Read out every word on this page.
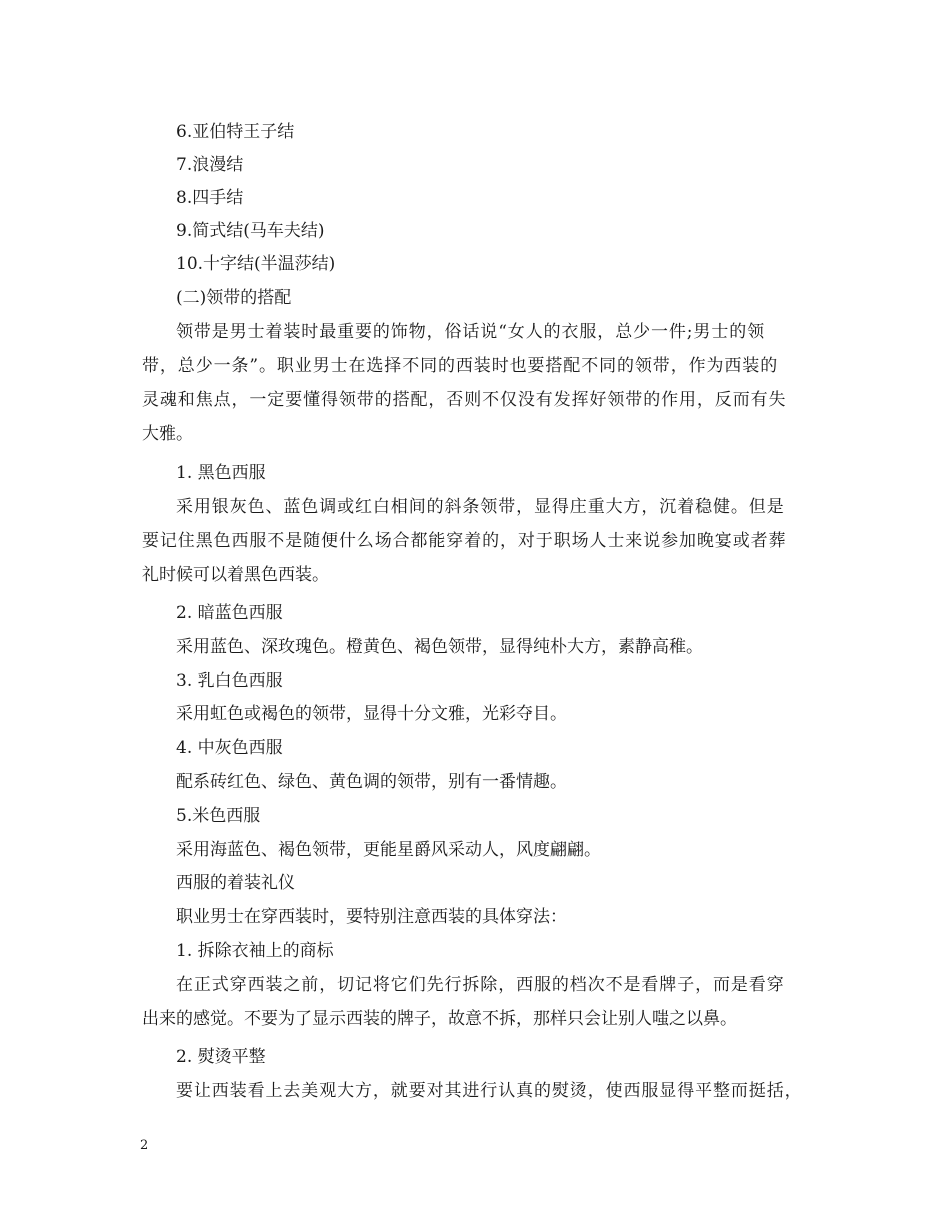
6.亚伯特王子结
7.浪漫结
8.四手结
9.简式结(马车夫结)
10.十字结(半温莎结)
(二)领带的搭配
领带是男士着装时最重要的饰物，俗话说“女人的衣服，总少一件;男士的领
带，总少一条”。职业男士在选择不同的西装时也要搭配不同的领带，作为西装的
灵魂和焦点，一定要懂得领带的搭配，否则不仅没有发挥好领带的作用，反而有失
大雅。
1. 黑色西服
采用银灰色、蓝色调或红白相间的斜条领带，显得庄重大方，沉着稳健。但是
要记住黑色西服不是随便什么场合都能穿着的，对于职场人士来说参加晚宴或者葬
礼时候可以着黑色西装。
2. 暗蓝色西服
采用蓝色、深玫瑰色。橙黄色、褐色领带，显得纯朴大方，素静高稚。
3. 乳白色西服
采用虹色或褐色的领带，显得十分文雅，光彩夺目。
4. 中灰色西服
配系砖红色、绿色、黄色调的领带，别有一番情趣。
5.米色西服
采用海蓝色、褐色领带，更能星爵风采动人，风度翩翩。
西服的着装礼仪
职业男士在穿西装时，要特别注意西装的具体穿法：
1. 拆除衣袖上的商标
在正式穿西装之前，切记将它们先行拆除，西服的档次不是看牌子，而是看穿
出来的感觉。不要为了显示西装的牌子，故意不拆，那样只会让别人嗤之以鼻。
2. 熨烫平整
要让西装看上去美观大方，就要对其进行认真的熨烫，使西服显得平整而挺括，
2
